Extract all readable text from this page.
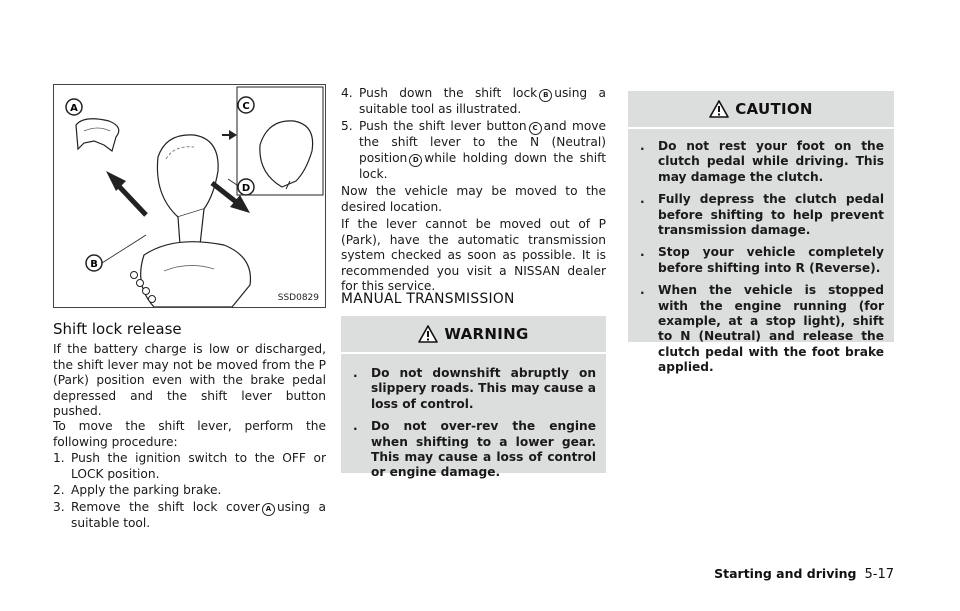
A
B
C
D
SSD0829
Shift lock release

If the battery charge is low or discharged, the shift lever may not be moved from the P (Park) position even with the brake pedal depressed and the shift lever button pushed.

To move the shift lever, perform the following procedure:

1. Push the ignition switch to the OFF or LOCK position.
2. Apply the parking brake.
3. Remove the shift lock cover A using a suitable tool.
4. Push down the shift lock B using a suitable tool as illustrated.
5. Push the shift lever button C and move the shift lever to the N (Neutral) position D while holding down the shift lock.

Now the vehicle may be moved to the desired location.

If the lever cannot be moved out of P (Park), have the automatic transmission system checked as soon as possible. It is recommended you visit a NISSAN dealer for this service.

MANUAL TRANSMISSION
WARNING
. Do not downshift abruptly on slippery roads. This may cause a loss of control.
. Do not over-rev the engine when shifting to a lower gear. This may cause a loss of control or engine damage.
CAUTION
. Do not rest your foot on the clutch pedal while driving. This may damage the clutch.
. Fully depress the clutch pedal before shifting to help prevent transmission damage.
. Stop your vehicle completely before shifting into R (Reverse).
. When the vehicle is stopped with the engine running (for example, at a stop light), shift to N (Neutral) and release the clutch pedal with the foot brake applied.
Starting and driving 5-17
